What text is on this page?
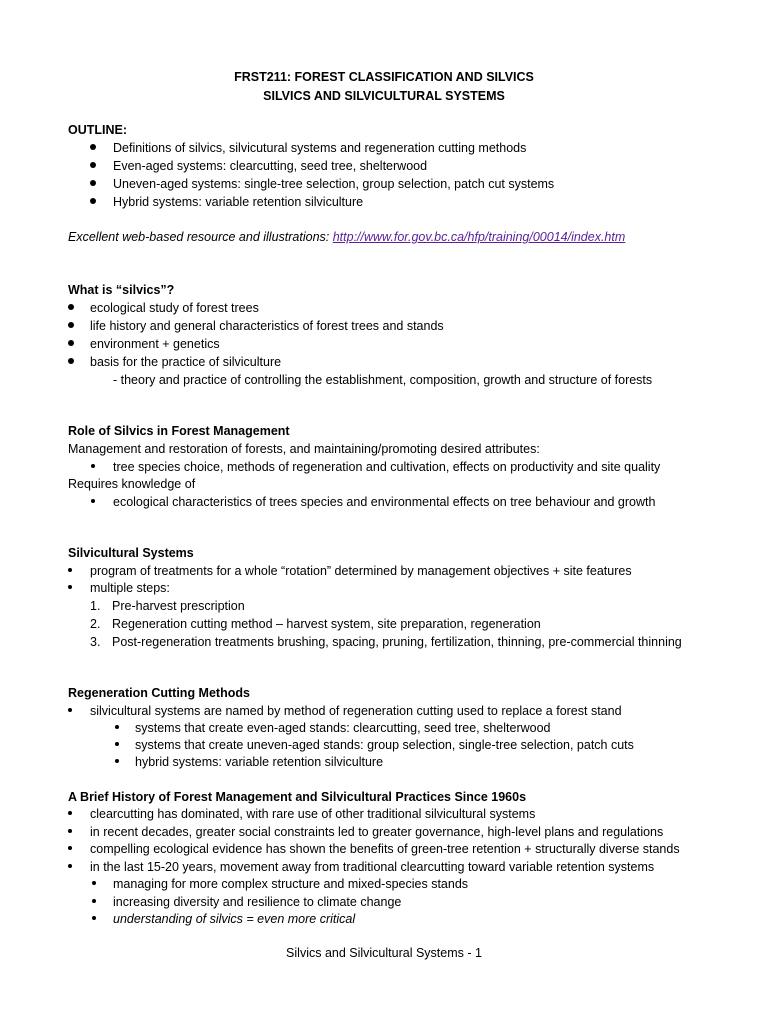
FRST211: FOREST CLASSIFICATION AND SILVICS
SILVICS AND SILVICULTURAL SYSTEMS
OUTLINE:
Definitions of silvics, silvicutural systems and regeneration cutting methods
Even-aged systems: clearcutting, seed tree, shelterwood
Uneven-aged systems: single-tree selection, group selection, patch cut systems
Hybrid systems: variable retention silviculture
Excellent web-based resource and illustrations: http://www.for.gov.bc.ca/hfp/training/00014/index.htm
What is “silvics”?
ecological study of forest trees
life history and general characteristics of forest trees and stands
environment + genetics
basis for the practice of silviculture
- theory and practice of controlling the establishment, composition, growth and structure of forests
Role of Silvics in Forest Management
Management and restoration of forests, and maintaining/promoting desired attributes:
tree species choice, methods of regeneration and cultivation, effects on productivity and site quality
Requires knowledge of
ecological characteristics of trees species and environmental effects on tree behaviour and growth
Silvicultural Systems
program of treatments for a whole “rotation” determined by management objectives + site features
multiple steps:
1. Pre-harvest prescription
2. Regeneration cutting method – harvest system, site preparation, regeneration
3. Post-regeneration treatments brushing, spacing, pruning, fertilization, thinning, pre-commercial thinning
Regeneration Cutting Methods
silvicultural systems are named by method of regeneration cutting used to replace a forest stand
systems that create even-aged stands: clearcutting, seed tree, shelterwood
systems that create uneven-aged stands: group selection, single-tree selection, patch cuts
hybrid systems: variable retention silviculture
A Brief History of Forest Management and Silvicultural Practices Since 1960s
clearcutting has dominated, with rare use of other traditional silvicultural systems
in recent decades, greater social constraints led to greater governance, high-level plans and regulations
compelling ecological evidence has shown the benefits of green-tree retention + structurally diverse stands
in the last 15-20 years, movement away from traditional clearcutting toward variable retention systems
managing for more complex structure and mixed-species stands
increasing diversity and resilience to climate change
understanding of silvics = even more critical
Silvics and Silvicultural Systems - 1
